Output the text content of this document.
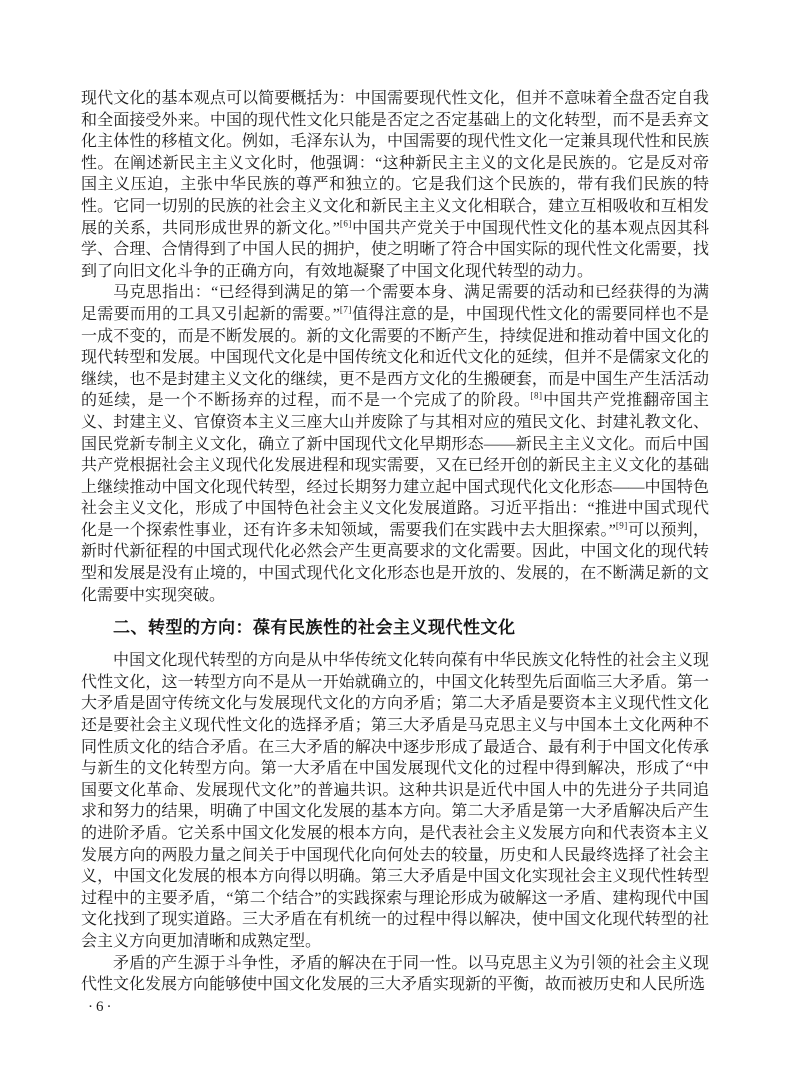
现代文化的基本观点可以简要概括为：中国需要现代性文化，但并不意味着全盘否定自我和全面接受外来。中国的现代性文化只能是否定之否定基础上的文化转型，而不是丢弃文化主体性的移植文化。例如，毛泽东认为，中国需要的现代性文化一定兼具现代性和民族性。在阐述新民主主义文化时，他强调：“这种新民主主义的文化是民族的。它是反对帝国主义压迫，主张中华民族的尊严和独立的。它是我们这个民族的，带有我们民族的特性。它同一切别的民族的社会主义文化和新民主主义文化相联合，建立互相吸收和互相发展的关系，共同形成世界的新文化。”[6]中国共产党关于中国现代性文化的基本观点因其科学、合理、合情得到了中国人民的拥护，使之明晰了符合中国实际的现代性文化需要，找到了向旧文化斗争的正确方向，有效地凝聚了中国文化现代转型的动力。

马克思指出：“已经得到满足的第一个需要本身、满足需要的活动和已经获得的为满足需要而用的工具又引起新的需要。”[7]值得注意的是，中国现代性文化的需要同样也不是一成不变的，而是不断发展的。新的文化需要的不断产生，持续促进和推动着中国文化的现代转型和发展。中国现代文化是中国传统文化和近代文化的延续，但并不是儒家文化的继续，也不是封建主义文化的继续，更不是西方文化的生搬硬套，而是中国生产生活活动的延续，是一个不断扬弃的过程，而不是一个完成了的阶段。[8]中国共产党推翻帝国主义、封建主义、官僚资本主义三座大山并废除了与其相对应的殖民文化、封建礼教文化、国民党新专制主义文化，确立了新中国现代文化早期形态——新民主主义文化。而后中国共产党根据社会主义现代化发展进程和现实需要，又在已经开创的新民主主义文化的基础上继续推动中国文化现代转型，经过长期努力建立起中国式现代化文化形态——中国特色社会主义文化，形成了中国特色社会主义文化发展道路。习近平指出：“推进中国式现代化是一个探索性事业，还有许多未知领域，需要我们在实践中去大胆探索。”[9]可以预判，新时代新征程的中国式现代化必然会产生更高要求的文化需要。因此，中国文化的现代转型和发展是没有止境的，中国式现代化文化形态也是开放的、发展的，在不断满足新的文化需要中实现突破。

二、转型的方向：葆有民族性的社会主义现代性文化

中国文化现代转型的方向是从中华传统文化转向葆有中华民族文化特性的社会主义现代性文化，这一转型方向不是从一开始就确立的，中国文化转型先后面临三大矛盾。第一大矛盾是固守传统文化与发展现代文化的方向矛盾；第二大矛盾是要资本主义现代性文化还是要社会主义现代性文化的选择矛盾；第三大矛盾是马克思主义与中国本土文化两种不同性质文化的结合矛盾。在三大矛盾的解决中逐步形成了最适合、最有利于中国文化传承与新生的文化转型方向。第一大矛盾在中国发展现代文化的过程中得到解决，形成了“中国要文化革命、发展现代文化”的普遍共识。这种共识是近代中国人中的先进分子共同追求和努力的结果，明确了中国文化发展的基本方向。第二大矛盾是第一大矛盾解决后产生的进阶矛盾。它关系中国文化发展的根本方向，是代表社会主义发展方向和代表资本主义发展方向的两股力量之间关于中国现代化向何处去的较量，历史和人民最终选择了社会主义，中国文化发展的根本方向得以明确。第三大矛盾是中国文化实现社会主义现代性转型过程中的主要矛盾，“第二个结合”的实践探索与理论形成为破解这一矛盾、建构现代中国文化找到了现实道路。三大矛盾在有机统一的过程中得以解决，使中国文化现代转型的社会主义方向更加清晰和成熟定型。

矛盾的产生源于斗争性，矛盾的解决在于同一性。以马克思主义为引领的社会主义现代性文化发展方向能够使中国文化发展的三大矛盾实现新的平衡，故而被历史和人民所选

·6·
